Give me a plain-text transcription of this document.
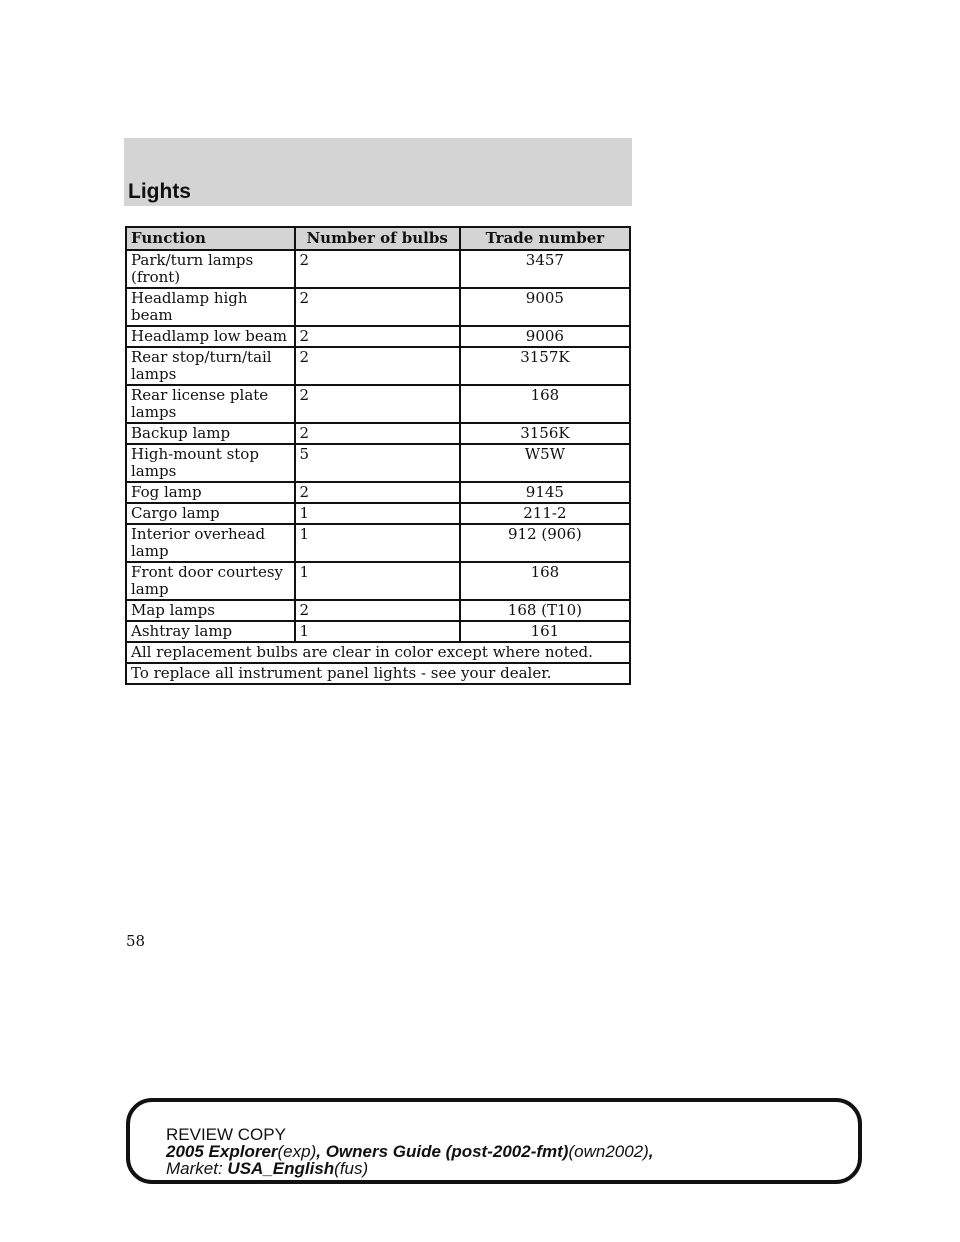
Lights
Function	Number of bulbs	Trade number
Park/turn lamps (front)	2	3457
Headlamp high beam	2	9005
Headlamp low beam	2	9006
Rear stop/turn/tail lamps	2	3157K
Rear license plate lamps	2	168
Backup lamp	2	3156K
High-mount stop lamps	5	W5W
Fog lamp	2	9145
Cargo lamp	1	211-2
Interior overhead lamp	1	912 (906)
Front door courtesy lamp	1	168
Map lamps	2	168 (T10)
Ashtray lamp	1	161
All replacement bulbs are clear in color except where noted.		
To replace all instrument panel lights - see your dealer.		
58
REVIEW COPY
2005 Explorer(exp), Owners Guide (post-2002-fmt)(own2002),
Market: USA_English(fus)
